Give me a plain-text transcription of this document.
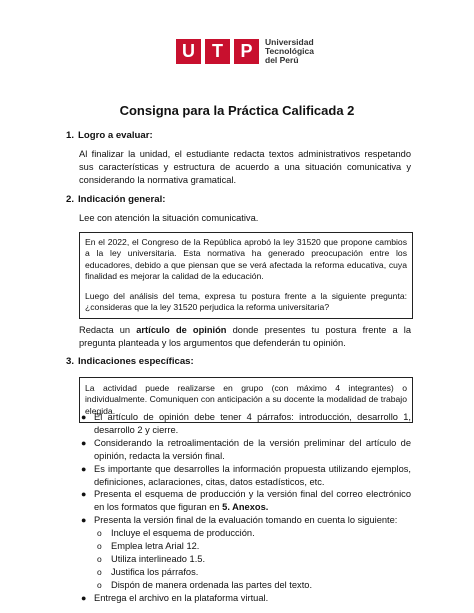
U T P	Universidad
Tecnológica
del Perú
Consigna para la Práctica Calificada 2
1. Logro a evaluar:
Al finalizar la unidad, el estudiante redacta textos administrativos respetando sus características y estructura de acuerdo a una situación comunicativa y considerando la normativa gramatical.
2. Indicación general:
Lee con atención la situación comunicativa.

En el 2022, el Congreso de la República aprobó la ley 31520 que propone cambios a la ley universitaria. Esta normativa ha generado preocupación entre los educadores, debido a que piensan que se verá afectada la reforma educativa, cuya finalidad es mejorar la calidad de la educación.

Luego del análisis del tema, expresa tu postura frente a la siguiente pregunta: ¿consideras que la ley 31520 perjudica la reforma universitaria?

Redacta un artículo de opinión donde presentes tu postura frente a la pregunta planteada y los argumentos que defenderán tu opinión.
3. Indicaciones específicas:

La actividad puede realizarse en grupo (con máximo 4 integrantes) o individualmente. Comuniquen con anticipación a su docente la modalidad de trabajo elegida.

● El artículo de opinión debe tener 4 párrafos: introducción, desarrollo 1, desarrollo 2 y cierre.
● Considerando la retroalimentación de la versión preliminar del artículo de opinión, redacta la versión final.
● Es importante que desarrolles la información propuesta utilizando ejemplos, definiciones, aclaraciones, citas, datos estadísticos, etc.
● Presenta el esquema de producción y la versión final del correo electrónico en los formatos que figuran en 5. Anexos.
● Presenta la versión final de la evaluación tomando en cuenta lo siguiente:
o Incluye el esquema de producción.
o Emplea letra Arial 12.
o Utiliza interlineado 1.5.
o Justifica los párrafos.
o Dispón de manera ordenada las partes del texto.
● Entrega el archivo en la plataforma virtual.
